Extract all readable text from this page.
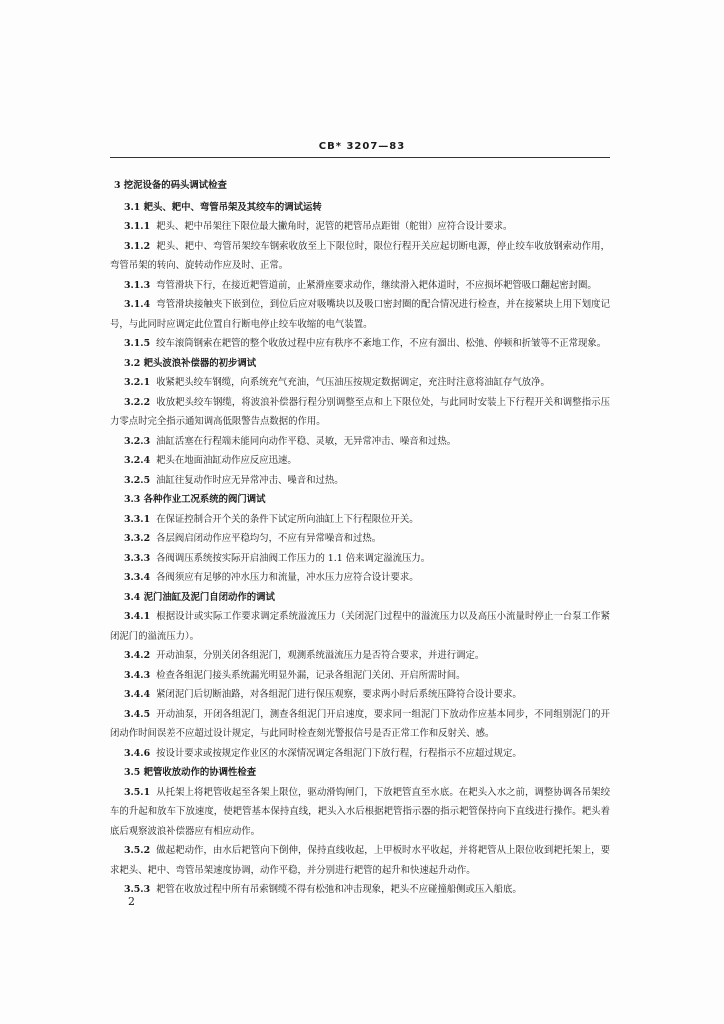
CB* 3207—83

3 挖泥设备的码头调试检查

3.1 耙头、耙中、弯管吊架及其绞车的调试运转

3.1.1 耙头、耙中吊架往下限位最大撇角时，泥管的耙管吊点距钳（舵钳）应符合设计要求。

3.1.2 耙头、耙中、弯管吊架绞车钢索收放至上下限位时，限位行程开关应起切断电源，停止绞车收放钢索动作用，弯管吊架的转向、旋转动作应及时、正常。

3.1.3 弯管滑块下行，在接近耙管道前，止紧滑座要求动作，继续滑入耙体道时，不应损坏耙管吸口翻起密封圈。

3.1.4 弯管滑块接触夹下嵌到位，到位后应对吸嘴块以及吸口密封圈的配合情况进行检查，并在接紧块上用下划度记号，与此同时应调定此位置自行断电停止绞车收缩的电气装置。

3.1.5 绞车滚筒钢索在耙管的整个收放过程中应有秩序不紊地工作，不应有溜出、松弛、停顿和折皱等不正常现象。

3.2 耙头波浪补偿器的初步调试

3.2.1 收紧耙头绞车钢缆，向系统充气充油，气压油压按规定数据调定，充注时注意将油缸存气放净。

3.2.2 收放耙头绞车钢缆，将波浪补偿器行程分别调整至点和上下限位处，与此同时安装上下行程开关和调整指示压力零点时完全指示通知调高低限警告点数据的作用。

3.2.3 油缸活塞在行程端未能同向动作平稳、灵敏，无异常冲击、噪音和过热。

3.2.4 耙头在地面油缸动作应反应迅速。

3.2.5 油缸往复动作时应无异常冲击、噪音和过热。

3.3 各种作业工况系统的阀门调试

3.3.1 在保证控制合开个关的条件下试定所向油缸上下行程限位开关。

3.3.2 各层阀启闭动作应平稳均匀，不应有异常噪音和过热。

3.3.3 各阀调压系统按实际开启油阀工作压力的 1.1 倍来调定溢流压力。

3.3.4 各阀须应有足够的冲水压力和流量，冲水压力应符合设计要求。

3.4 泥门油缸及泥门自闭动作的调试

3.4.1 根据设计或实际工作要求调定系统溢流压力（关闭泥门过程中的溢流压力以及高压小流量时停止一台泵工作紧闭泥门的溢流压力）。

3.4.2 开动油泵，分别关闭各组泥门，观测系统溢流压力是否符合要求，并进行调定。

3.4.3 检查各组泥门接头系统漏光明显外漏，记录各组泥门关闭、开启所需时间。

3.4.4 紧闭泥门后切断油路，对各组泥门进行保压观察，要求两小时后系统压降符合设计要求。

3.4.5 开动油泵，开闭各组泥门，测查各组泥门开启速度，要求同一组泥门下放动作应基本同步，不同组别泥门的开闭动作时间误差不应超过设计规定，与此同时检查刻光警报信号是否正常工作和反射关、感。

3.4.6 按设计要求或按规定作业区的水深情况调定各组泥门下放行程，行程指示不应超过规定。

3.5 耙管收放动作的协调性检查

3.5.1 从托架上将耙管收起至各架上限位，驱动滑钩闸门，下放耙管直至水底。在耙头入水之前，调整协调各吊架绞车的升起和放车下放速度，使耙管基本保持直线，耙头入水后根据耙管指示器的指示耙管保持向下直线进行操作。耙头着底后观察波浪补偿器应有相应动作。

3.5.2 做起耙动作，由水后耙管向下倒伸，保持直线收起，上甲板时水平收起，并将耙管从上限位收到耙托架上，要求耙头、耙中、弯管吊架速度协调，动作平稳，并分别进行耙管的起升和快速起升动作。

3.5.3 耙管在收放过程中所有吊索钢缆不得有松弛和冲击现象，耙头不应碰撞船侧或压入船底。

2
